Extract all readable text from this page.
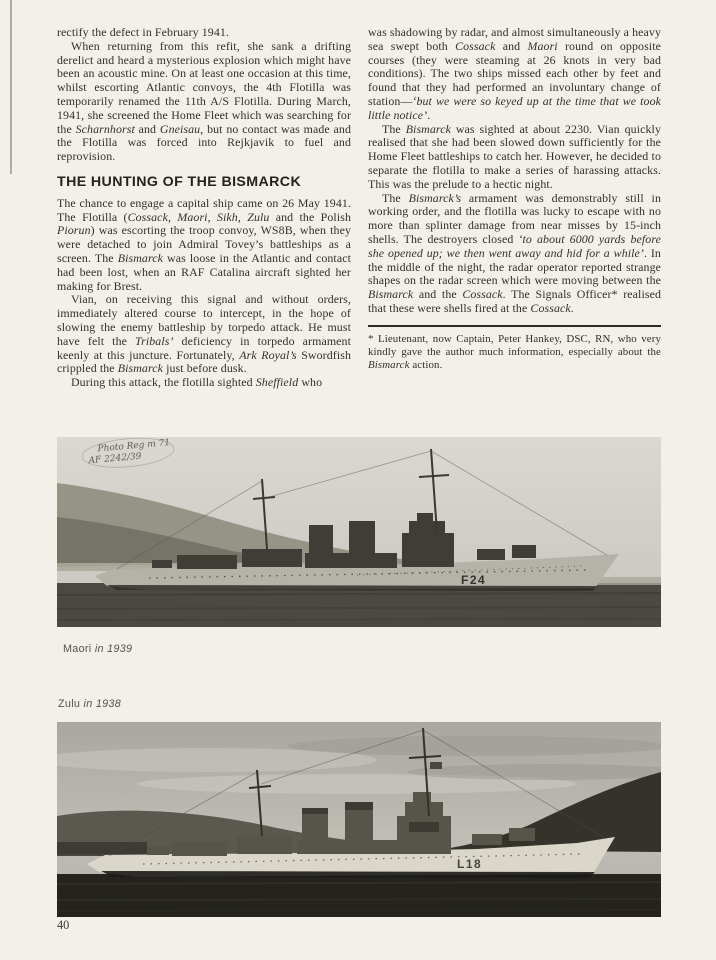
rectify the defect in February 1941.

When returning from this refit, she sank a drifting derelict and heard a mysterious explosion which might have been an acoustic mine. On at least one occasion at this time, whilst escorting Atlantic convoys, the 4th Flotilla was temporarily renamed the 11th A/S Flotilla. During March, 1941, she screened the Home Fleet which was searching for the Scharnhorst and Gneisau, but no contact was made and the Flotilla was forced into Rejkjavik to fuel and reprovision.

THE HUNTING OF THE BISMARCK

The chance to engage a capital ship came on 26 May 1941. The Flotilla (Cossack, Maori, Sikh, Zulu and the Polish Piorun) was escorting the troop convoy, WS8B, when they were detached to join Admiral Tovey’s battleships as a screen. The Bismarck was loose in the Atlantic and contact had been lost, when an RAF Catalina aircraft sighted her making for Brest.

Vian, on receiving this signal and without orders, immediately altered course to intercept, in the hope of slowing the enemy battleship by torpedo attack. He must have felt the Tribals’ deficiency in torpedo armament keenly at this juncture. Fortunately, Ark Royal’s Swordfish crippled the Bismarck just before dusk.

During this attack, the flotilla sighted Sheffield who

was shadowing by radar, and almost simultaneously a heavy sea swept both Cossack and Maori round on opposite courses (they were steaming at 26 knots in very bad conditions). The two ships missed each other by feet and found that they had performed an involuntary change of station—‘but we were so keyed up at the time that we took little notice’.

The Bismarck was sighted at about 2230. Vian quickly realised that she had been slowed down sufficiently for the Home Fleet battleships to catch her. However, he decided to separate the flotilla to make a series of harassing attacks. This was the prelude to a hectic night.

The Bismarck’s armament was demonstrably still in working order, and the flotilla was lucky to escape with no more than splinter damage from near misses by 15-inch shells. The destroyers closed ‘to about 6000 yards before she opened up; we then went away and hid for a while’. In the middle of the night, the radar operator reported strange shapes on the radar screen which were moving between the Bismarck and the Cossack. The Signals Officer* realised that these were shells fired at the Cossack.

* Lieutenant, now Captain, Peter Hankey, DSC, RN, who very kindly gave the author much information, especially about the Bismarck action.

F24
Photo Reg m 71
AF 2242/39
Maori in 1939
Zulu in 1938
L18
40
